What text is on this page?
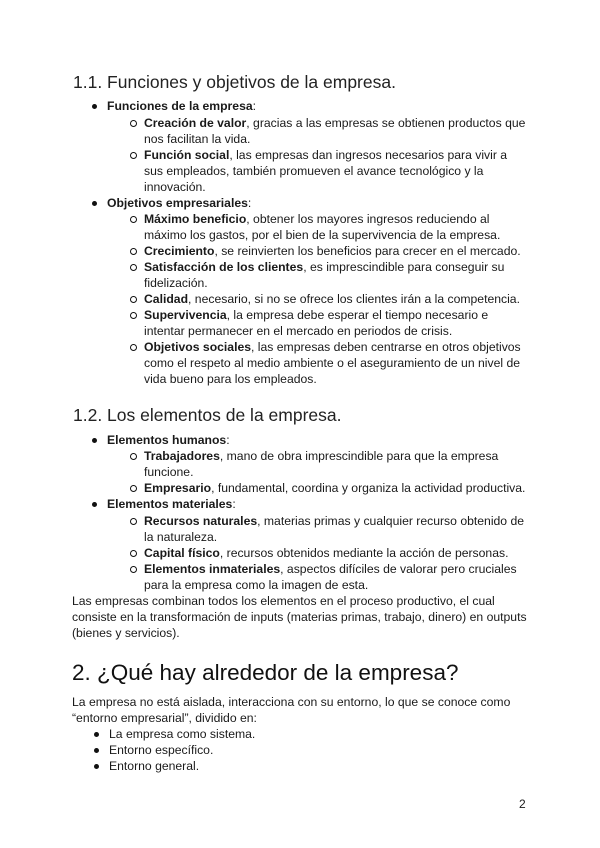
1.1. Funciones y objetivos de la empresa.
Funciones de la empresa:
Creación de valor, gracias a las empresas se obtienen productos que
nos facilitan la vida.
Función social, las empresas dan ingresos necesarios para vivir a
sus empleados, también promueven el avance tecnológico y la
innovación.
Objetivos empresariales:
Máximo beneficio, obtener los mayores ingresos reduciendo al
máximo los gastos, por el bien de la supervivencia de la empresa.
Crecimiento, se reinvierten los beneficios para crecer en el mercado.
Satisfacción de los clientes, es imprescindible para conseguir su
fidelización.
Calidad, necesario, si no se ofrece los clientes irán a la competencia.
Supervivencia, la empresa debe esperar el tiempo necesario e
intentar permanecer en el mercado en periodos de crisis.
Objetivos sociales, las empresas deben centrarse en otros objetivos
como el respeto al medio ambiente o el aseguramiento de un nivel de
vida bueno para los empleados.
1.2. Los elementos de la empresa.
Elementos humanos:
Trabajadores, mano de obra imprescindible para que la empresa
funcione.
Empresario, fundamental, coordina y organiza la actividad productiva.
Elementos materiales:
Recursos naturales, materias primas y cualquier recurso obtenido de
la naturaleza.
Capital físico, recursos obtenidos mediante la acción de personas.
Elementos inmateriales, aspectos difíciles de valorar pero cruciales
para la empresa como la imagen de esta.
Las empresas combinan todos los elementos en el proceso productivo, el cual
consiste en la transformación de inputs (materias primas, trabajo, dinero) en outputs
(bienes y servicios).
2. ¿Qué hay alrededor de la empresa?
La empresa no está aislada, interacciona con su entorno, lo que se conoce como
“entorno empresarial”, dividido en:
La empresa como sistema.
Entorno específico.
Entorno general.
2
